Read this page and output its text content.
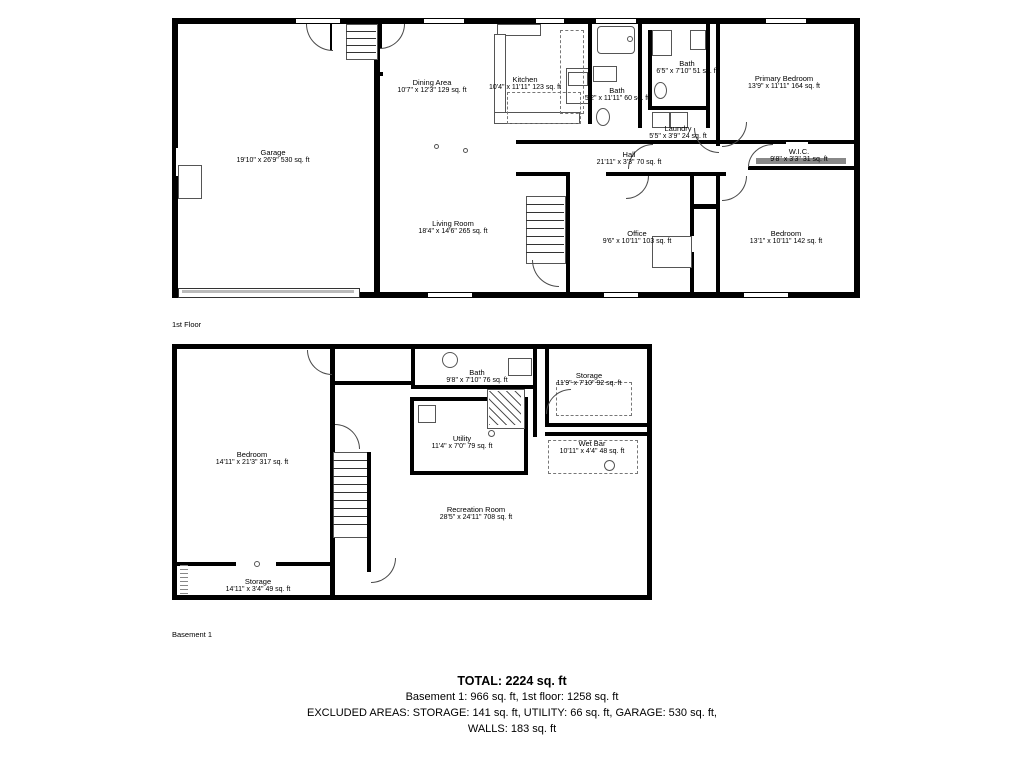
Garage
19'10" x 26'9" 530 sq. ft
Dining Area
10'7" x 12'3" 129 sq. ft
Kitchen
10'4" x 11'11" 123 sq. ft	Bath
5'2" x 11'11" 60 sq. ft
Bath
6'5" x 7'10" 51 sq. ft
Primary Bedroom
13'9" x 11'11" 164 sq. ft
Laundry
5'5" x 3'9" 24 sq. ft
Hall
21'11" x 3'3" 70 sq. ft
W.I.C.
9'8" x 3'3" 31 sq. ft
Living Room
18'4" x 14'6" 265 sq. ft	Office
9'6" x 10'11" 103 sq. ft
Bedroom
13'1" x 10'11" 142 sq. ft
1st Floor
Bath
9'8" x 7'10" 76 sq. ft
Storage
11'9" x 7'10" 92 sq. ft
Utility
11'4" x 7'0" 79 sq. ft	Wet Bar
10'11" x 4'4" 48 sq. ft
Bedroom
14'11" x 21'3" 317 sq. ft
Recreation Room
28'5" x 24'11" 708 sq. ft
Storage
14'11" x 3'4" 49 sq. ft
Basement 1
TOTAL: 2224 sq. ft
Basement 1: 966 sq. ft, 1st floor: 1258 sq. ft
EXCLUDED AREAS: STORAGE: 141 sq. ft, UTILITY: 66 sq. ft, GARAGE: 530 sq. ft,
WALLS: 183 sq. ft
